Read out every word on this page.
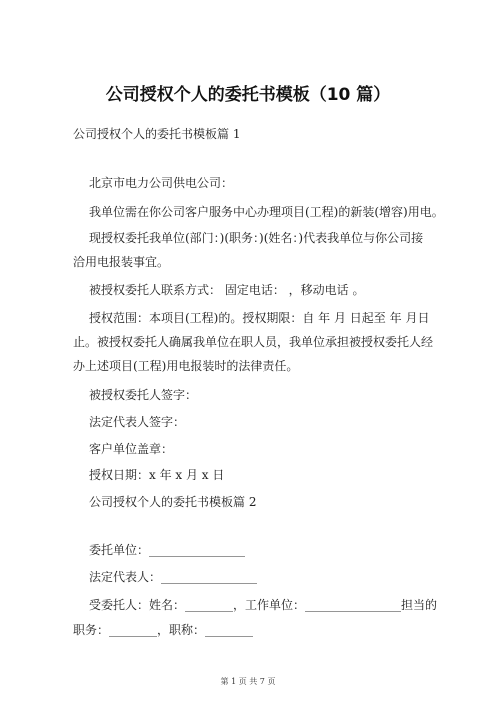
公司授权个人的委托书模板（10 篇）
公司授权个人的委托书模板篇 1
北京市电力公司供电公司：
我单位需在你公司客户服务中心办理项目(工程)的新装(增容)用电。
现授权委托我单位(部门：)(职务：)(姓名：)代表我单位与你公司接
洽用电报装事宜。
被授权委托人联系方式： 固定电话： ，移动电话 。
授权范围：本项目(工程)的。授权期限：自 年 月 日起至 年 月日
止。被授权委托人确属我单位在职人员，我单位承担被授权委托人经
办上述项目(工程)用电报装时的法律责任。
被授权委托人签字：
法定代表人签字：
客户单位盖章：
授权日期：x 年 x 月 x 日
公司授权个人的委托书模板篇 2
委托单位：________________
法定代表人：________________
受委托人：姓名：________，工作单位：________________担当的
职务：________，职称：________
第 1 页 共 7 页
